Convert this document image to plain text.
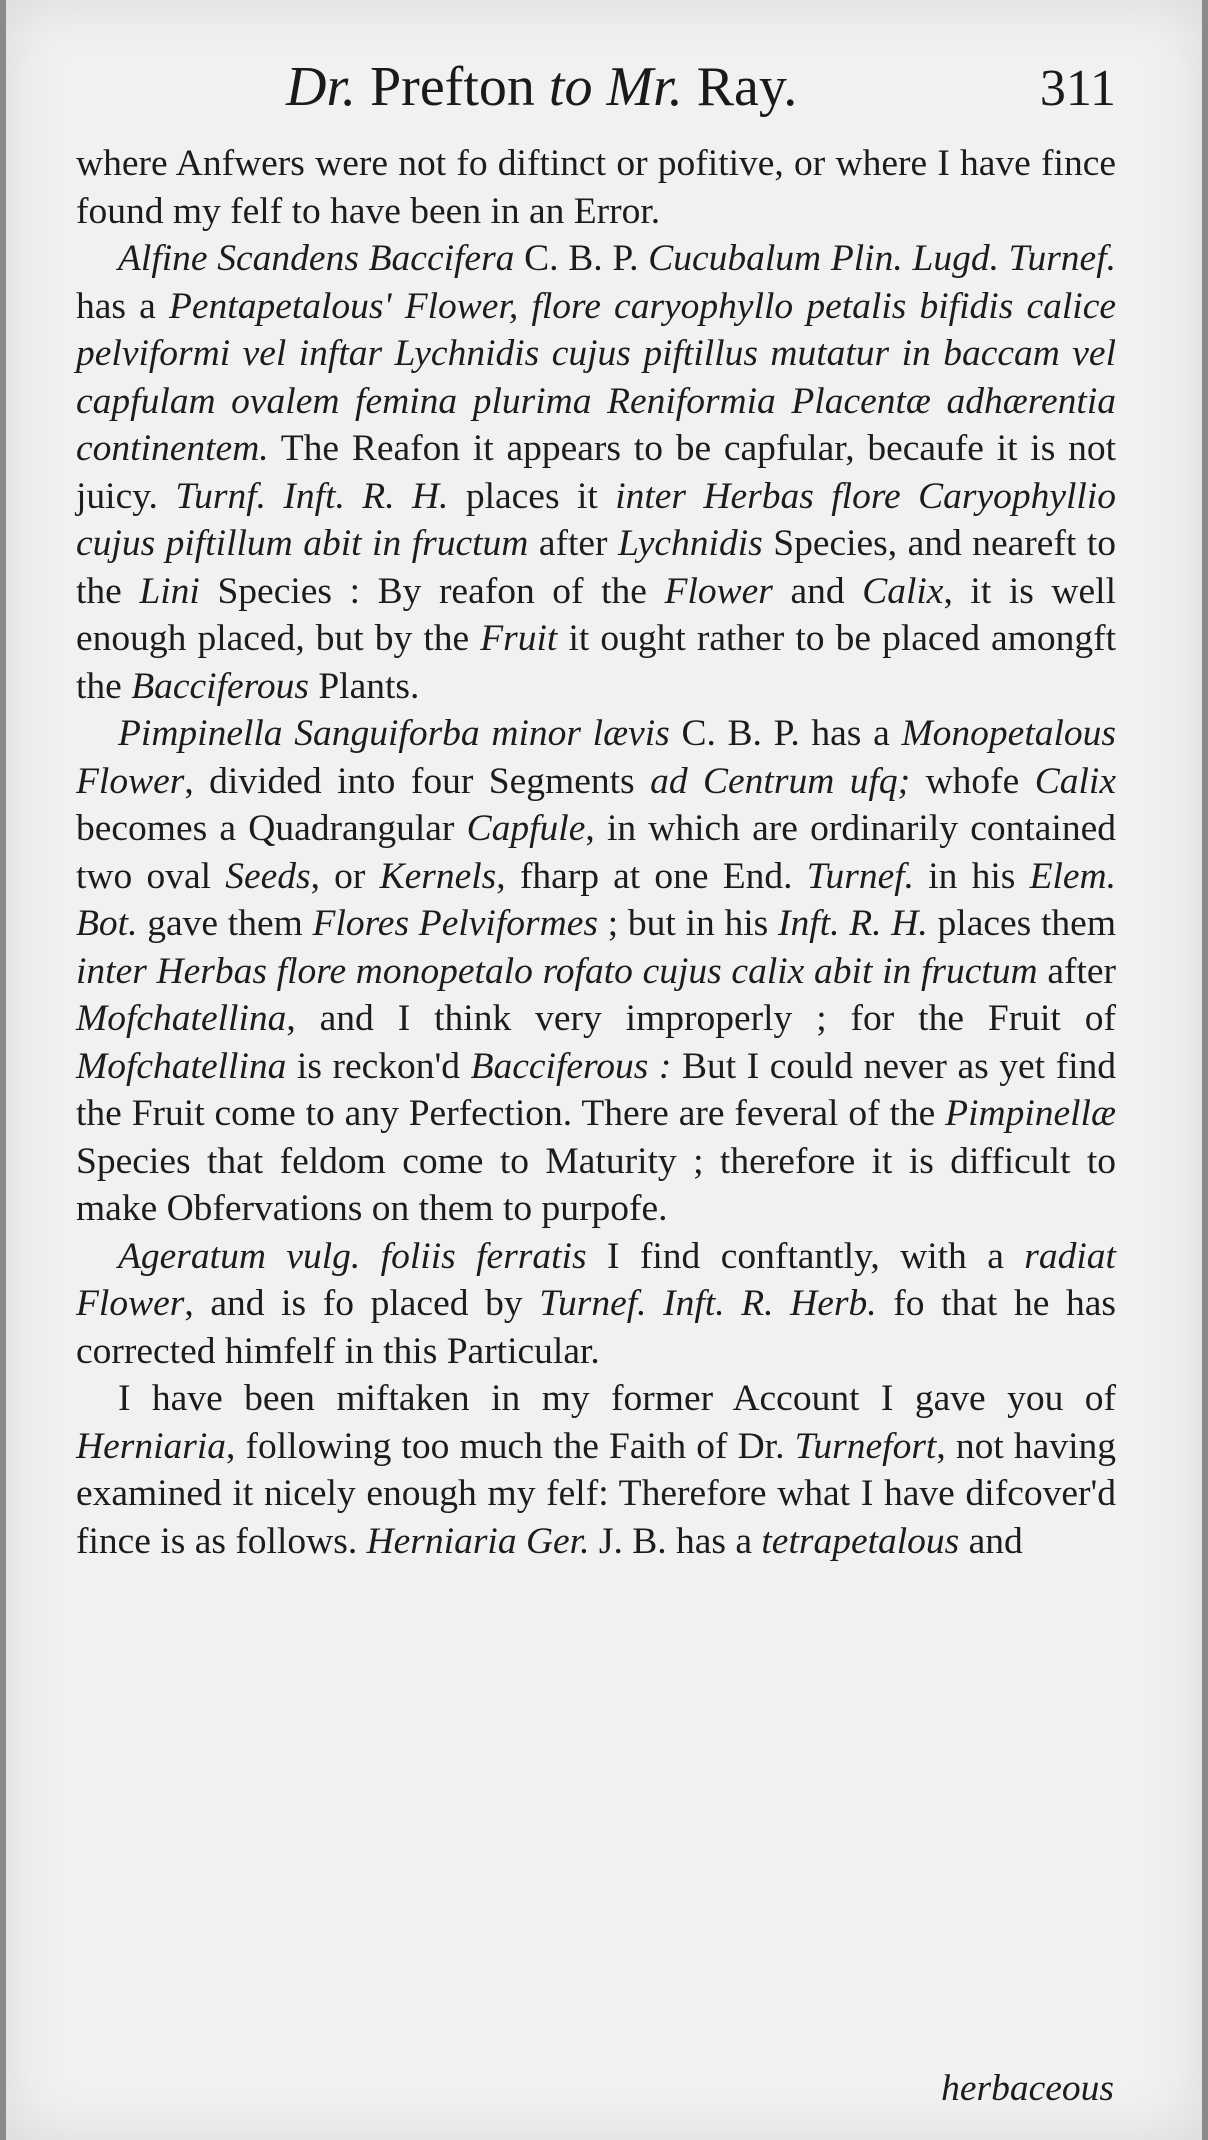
Dr. Prefton to Mr. Ray.	311

where Anfwers were not fo diftinct or pofitive, or where I have fince found my felf to have been in an Error.

Alfine Scandens Baccifera C. B. P. Cucubalum Plin. Lugd. Turnef. has a Pentapetalous' Flower, flore caryophyllo petalis bifidis calice pelviformi vel inftar Lychnidis cujus piftillus mutatur in baccam vel capfulam ovalem femina plurima Reniformia Placentæ adhærentia continentem. The Reafon it appears to be capfular, becaufe it is not juicy. Turnf. Inft. R. H. places it inter Herbas flore Caryophyllio cujus piftillum abit in fructum after Lychnidis Species, and neareft to the Lini Species : By reafon of the Flower and Calix, it is well enough placed, but by the Fruit it ought rather to be placed amongft the Bacciferous Plants.

Pimpinella Sanguiforba minor lævis C. B. P. has a Monopetalous Flower, divided into four Segments ad Centrum ufq; whofe Calix becomes a Quadrangular Capfule, in which are ordinarily contained two oval Seeds, or Kernels, fharp at one End. Turnef. in his Elem. Bot. gave them Flores Pelviformes ; but in his Inft. R. H. places them inter Herbas flore monopetalo rofato cujus calix abit in fructum after Mofchatellina, and I think very improperly ; for the Fruit of Mofchatellina is reckon'd Bacciferous : But I could never as yet find the Fruit come to any Perfection. There are feveral of the Pimpinellæ Species that feldom come to Maturity ; therefore it is difficult to make Obfervations on them to purpofe.

Ageratum vulg. foliis ferratis I find conftantly, with a radiat Flower, and is fo placed by Turnef. Inft. R. Herb. fo that he has corrected himfelf in this Particular.

I have been miftaken in my former Account I gave you of Herniaria, following too much the Faith of Dr. Turnefort, not having examined it nicely enough my felf: Therefore what I have difcover'd fince is as follows. Herniaria Ger. J. B. has a tetrapetalous and

herbaceous
